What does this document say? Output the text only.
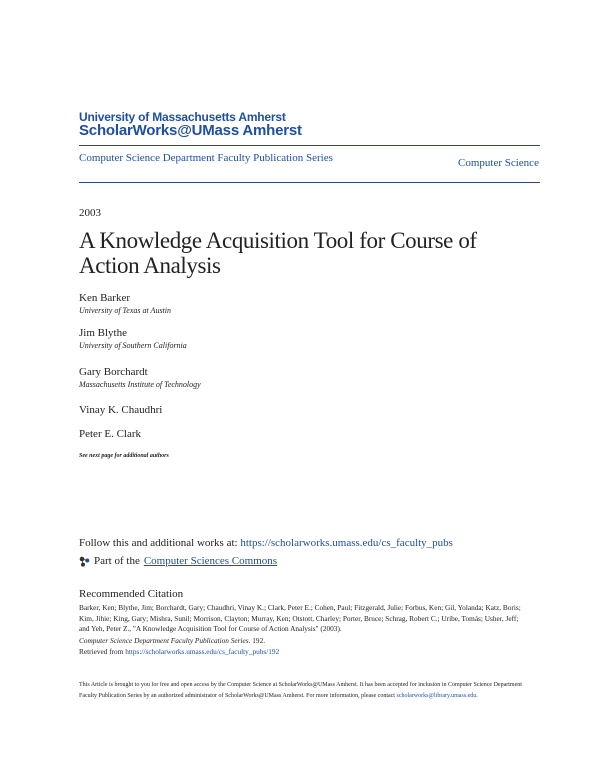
University of Massachusetts Amherst
ScholarWorks@UMass Amherst
Computer Science Department Faculty Publication Series	Computer Science
2003
A Knowledge Acquisition Tool for Course of Action Analysis
Ken Barker
University of Texas at Austin
Jim Blythe
University of Southern California
Gary Borchardt
Massachusetts Institute of Technology
Vinay K. Chaudhri
Peter E. Clark
See next page for additional authors
Follow this and additional works at: https://scholarworks.umass.edu/cs_faculty_pubs
Part of the Computer Sciences Commons
Recommended Citation
Barker, Ken; Blythe, Jim; Borchardt, Gary; Chaudhri, Vinay K.; Clark, Peter E.; Cohen, Paul; Fitzgerald, Julie; Forbus, Ken; Gil, Yolanda; Katz, Boris; Kim, Jihie; King, Gary; Mishra, Sunil; Morrison, Clayton; Murray, Ken; Otstott, Charley; Porter, Bruce; Schrag, Robert C.; Uribe, Tomás; Usher, Jeff; and Yeh, Peter Z., "A Knowledge Acquisition Tool for Course of Action Analysis" (2003).
Computer Science Department Faculty Publication Series. 192.
Retrieved from https://scholarworks.umass.edu/cs_faculty_pubs/192
This Article is brought to you for free and open access by the Computer Science at ScholarWorks@UMass Amherst. It has been accepted for inclusion in Computer Science Department Faculty Publication Series by an authorized administrator of ScholarWorks@UMass Amherst. For more information, please contact scholarworks@library.umass.edu.
